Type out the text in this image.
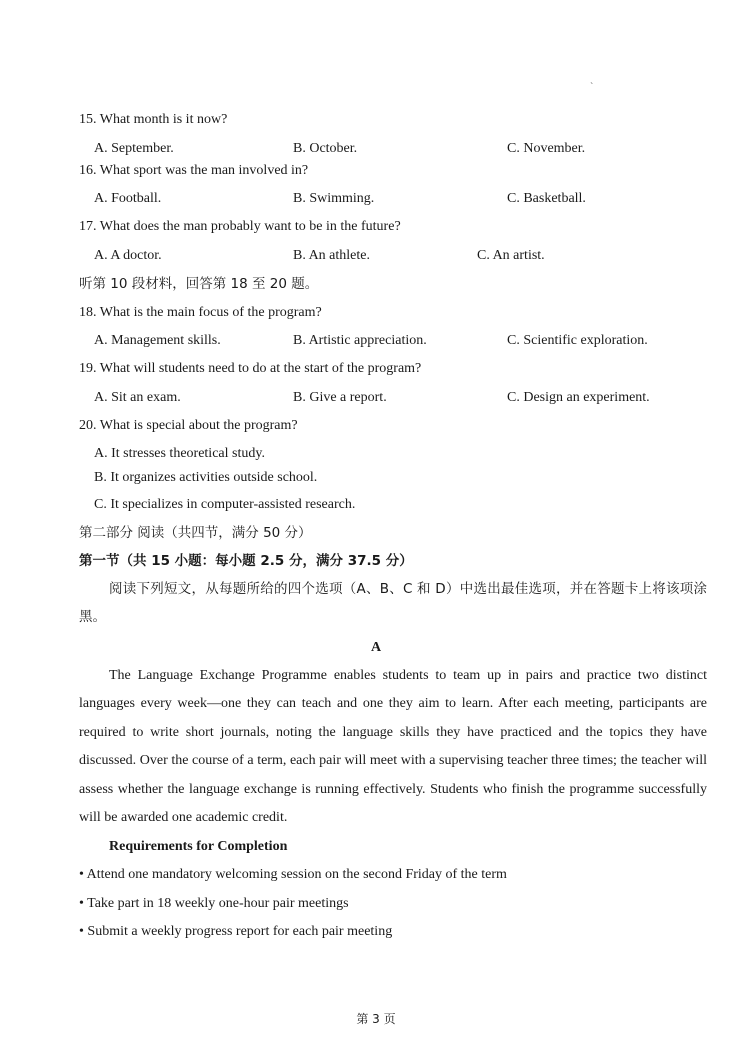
`
15. What month is it now?
A. September.	B. October.	C. November.
16. What sport was the man involved in?
A. Football.	B. Swimming.	C. Basketball.
17. What does the man probably want to be in the future?
A. A doctor.	B. An athlete.	C. An artist.
听第 10 段材料，回答第 18 至 20 题。
18. What is the main focus of the program?
A. Management skills.	B. Artistic appreciation.	C. Scientific exploration.
19. What will students need to do at the start of the program?
A. Sit an exam.	B. Give a report.	C. Design an experiment.
20. What is special about the program?
A. It stresses theoretical study.
B. It organizes activities outside school.
C. It specializes in computer-assisted research.
第二部分 阅读（共四节，满分 50 分）
第一节（共 15 小题：每小题 2.5 分，满分 37.5 分）
阅读下列短文，从每题所给的四个选项（A、B、C 和 D）中选出最佳选项，并在答题卡上将该项涂黑。
A
The Language Exchange Programme enables students to team up in pairs and practice two distinct languages every week—one they can teach and one they aim to learn. After each meeting, participants are required to write short journals, noting the language skills they have practiced and the topics they have discussed. Over the course of a term, each pair will meet with a supervising teacher three times; the teacher will assess whether the language exchange is running effectively. Students who finish the programme successfully will be awarded one academic credit.
Requirements for Completion
• Attend one mandatory welcoming session on the second Friday of the term
• Take part in 18 weekly one-hour pair meetings
• Submit a weekly progress report for each pair meeting
第 3 页
